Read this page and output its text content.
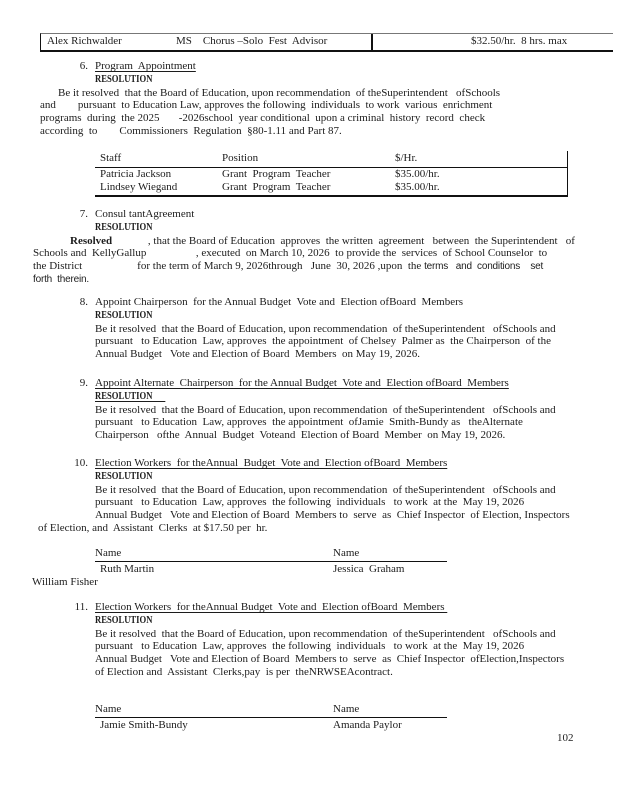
Alex Richwalder	MS    Chorus –Solo  Fest  Advisor	$32.50/hr.  8 hrs. max
6. Program  Appointment
RESOLUTION
Be it resolved  that the Board of Education, upon recommendation  of theSuperintendent   ofSchools
and        pursuant  to Education Law, approves the following  individuals  to work  various  enrichment
programs  during  the 2025       -2026school  year conditional  upon a criminal  history  record  check
according  to        Commissioners  Regulation  §80-1.11 and Part 87.
Staff	Position	$/Hr.
Patricia Jackson	Grant  Program  Teacher	$35.00/hr.
Lindsey Wiegand	Grant  Program  Teacher	$35.00/hr.
7. Consul tantAgreement
RESOLUTION
Resolved             , that the Board of Education  approves  the written  agreement   between  the Superintendent   of
Schools and  KellyGallup                  , executed  on March 10, 2026  to provide the  services  of School Counselor  to
the District                    for the term of March 9, 2026through   June  30, 2026 ,upon  the terms   and  conditions    set
forth  therein.
8. Appoint Chairperson  for the Annual Budget  Vote and  Election ofBoard  Members
RESOLUTION
Be it resolved  that the Board of Education, upon recommendation  of theSuperintendent   ofSchools and
pursuant   to Education  Law, approves  the appointment  of Chelsey  Palmer as  the Chairperson  of the
Annual Budget   Vote and Election of Board  Members  on May 19, 2026.
9. Appoint Alternate  Chairperson  for the Annual Budget  Vote and  Election ofBoard  Members
RESOLUTION
Be it resolved  that the Board of Education, upon recommendation  of theSuperintendent   ofSchools and
pursuant   to Education  Law, approves  the appointment  ofJamie  Smith-Bundy as   theAlternate
Chairperson   ofthe  Annual  Budget  Voteand  Election of Board  Member  on May 19, 2026.
10. Election Workers  for theAnnual  Budget  Vote and  Election ofBoard  Members
RESOLUTION
Be it resolved  that the Board of Education, upon recommendation  of theSuperintendent   ofSchools and
pursuant   to Education  Law, approves  the following  individuals   to work  at the  May 19, 2026
Annual Budget   Vote and Election of Board  Members to  serve  as  Chief Inspector  of Election, Inspectors
of Election, and  Assistant  Clerks  at $17.50 per  hr.
Name	Name
Ruth Martin	Jessica  Graham
William Fisher
11. Election Workers  for theAnnual Budget  Vote and  Election ofBoard  Members
RESOLUTION
Be it resolved  that the Board of Education, upon recommendation  of theSuperintendent   ofSchools and
pursuant   to Education  Law, approves  the following  individuals   to work  at the  May 19, 2026
Annual Budget   Vote and Election of Board  Members to  serve  as  Chief Inspector  ofElection,Inspectors
of Election and  Assistant  Clerks,pay  is per  theNRWSEAcontract.
Name	Name
Jamie Smith-Bundy	Amanda Paylor
102
